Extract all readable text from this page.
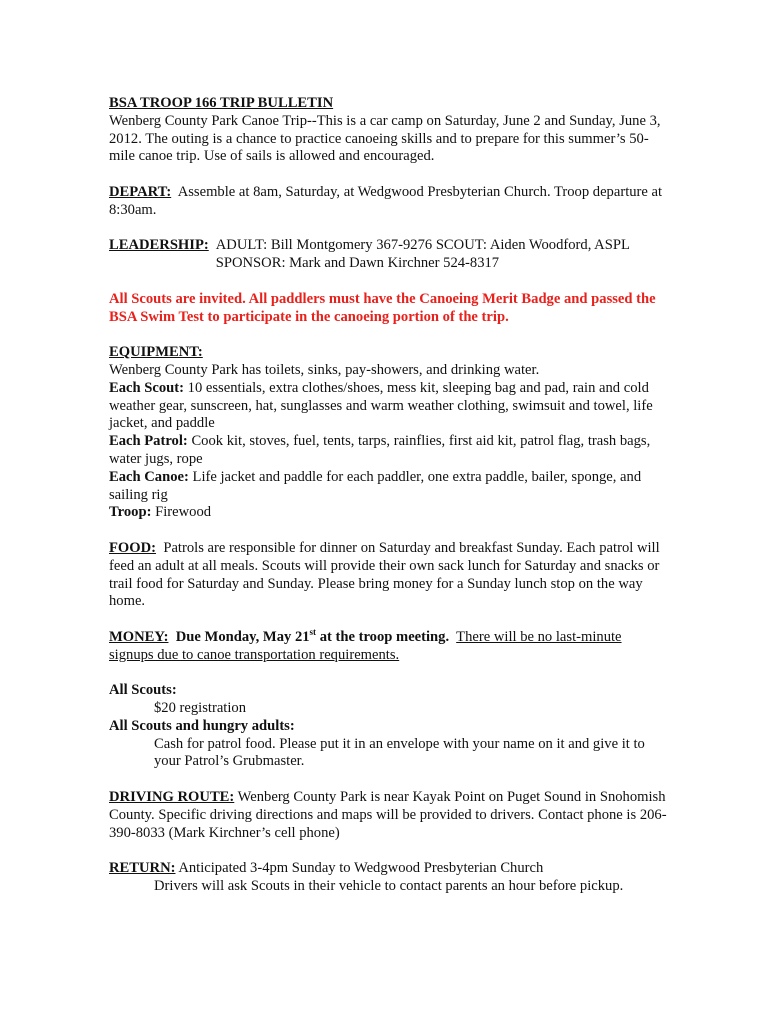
BSA TROOP 166 TRIP BULLETIN

Wenberg County Park Canoe Trip--This is a car camp on Saturday, June 2 and Sunday, June 3, 2012. The outing is a chance to practice canoeing skills and to prepare for this summer’s 50-mile canoe trip. Use of sails is allowed and encouraged.

DEPART: Assemble at 8am, Saturday, at Wedgwood Presbyterian Church. Troop departure at 8:30am.

LEADERSHIP: ADULT: Bill Montgomery 367-9276 SCOUT: Aiden Woodford, ASPL
SPONSOR: Mark and Dawn Kirchner 524-8317

All Scouts are invited. All paddlers must have the Canoeing Merit Badge and passed the BSA Swim Test to participate in the canoeing portion of the trip.

EQUIPMENT:
Wenberg County Park has toilets, sinks, pay-showers, and drinking water.
Each Scout: 10 essentials, extra clothes/shoes, mess kit, sleeping bag and pad, rain and cold weather gear, sunscreen, hat, sunglasses and warm weather clothing, swimsuit and towel, life jacket, and paddle
Each Patrol: Cook kit, stoves, fuel, tents, tarps, rainflies, first aid kit, patrol flag, trash bags, water jugs, rope
Each Canoe: Life jacket and paddle for each paddler, one extra paddle, bailer, sponge, and sailing rig
Troop: Firewood

FOOD: Patrols are responsible for dinner on Saturday and breakfast Sunday. Each patrol will feed an adult at all meals. Scouts will provide their own sack lunch for Saturday and snacks or trail food for Saturday and Sunday. Please bring money for a Sunday lunch stop on the way home.

MONEY: Due Monday, May 21st at the troop meeting. There will be no last-minute signups due to canoe transportation requirements.

All Scouts:
$20 registration
All Scouts and hungry adults:
Cash for patrol food. Please put it in an envelope with your name on it and give it to your Patrol’s Grubmaster.

DRIVING ROUTE: Wenberg County Park is near Kayak Point on Puget Sound in Snohomish County. Specific driving directions and maps will be provided to drivers. Contact phone is 206-390-8033 (Mark Kirchner’s cell phone)

RETURN: Anticipated 3-4pm Sunday to Wedgwood Presbyterian Church
Drivers will ask Scouts in their vehicle to contact parents an hour before pickup.
